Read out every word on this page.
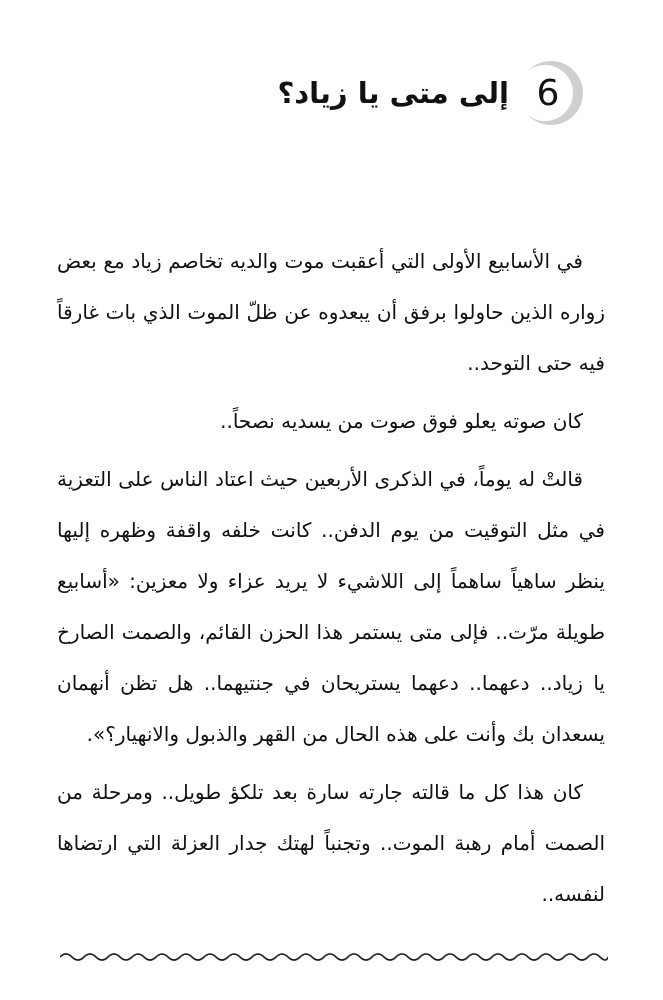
6
إلى متى يا زياد؟

في الأسابيع الأولى التي أعقبت موت والديه تخاصم زياد مع بعض زواره الذين حاولوا برفق أن يبعدوه عن ظلّ الموت الذي بات غارقاً فيه حتى التوحد..

كان صوته يعلو فوق صوت من يسديه نصحاً..

قالتْ له يوماً، في الذكرى الأربعين حيث اعتاد الناس على التعزية في مثل التوقيت من يوم الدفن.. كانت خلفه واقفة وظهره إليها ينظر ساهياً ساهماً إلى اللاشيء لا يريد عزاء ولا معزين: «أسابيع طويلة مرّت.. فإلى متى يستمر هذا الحزن القائم، والصمت الصارخ يا زياد.. دعهما.. دعهما يستريحان في جنتيهما.. هل تظن أنهمان يسعدان بك وأنت على هذه الحال من القهر والذبول والانهيار؟».

كان هذا كل ما قالته جارته سارة بعد تلكؤ طويل.. ومرحلة من الصمت أمام رهبة الموت.. وتجنباً لهتك جدار العزلة التي ارتضاها لنفسه..
